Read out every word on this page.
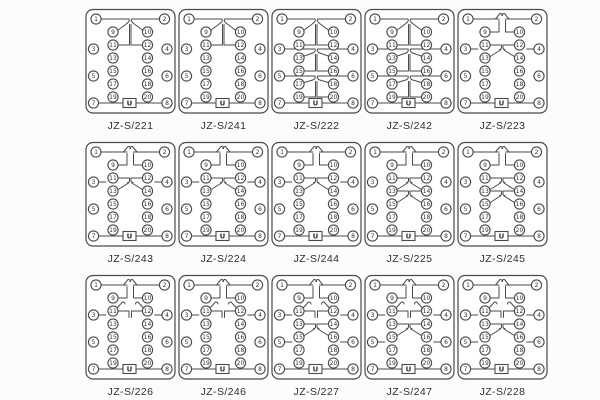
U
1
3
5
7
2
4
6
8
9
11
13
15
17
19
10
12
14
16
18
20
JZ-S/221
U
1
3
5
7
2
4
6
8
9
11
13
15
17
19
10
12
14
16
18
20
JZ-S/241
U
1
3
5
7
2
4
6
8
9
11
13
15
17
19
10
12
14
16
18
20
JZ-S/222
U
1
3
5
7
2
4
6
8
9
11
13
15
17
19
10
12
14
16
18
20
JZ-S/242
U
1
3
5
7
2
4
6
8
9
11
13
15
17
19
10
12
14
16
18
20
JZ-S/223
U
1
3
5
7
2
4
6
8
9
11
13
15
17
19
10
12
14
16
18
20
JZ-S/243
U
1
3
5
7
2
4
6
8
9
11
13
15
17
19
10
12
14
16
18
20
JZ-S/224
U
1
3
5
7
2
4
6
8
9
11
13
15
17
19
10
12
14
16
18
20
JZ-S/244
U
1
3
5
7
2
4
6
8
9
11
13
15
17
19
10
12
14
16
18
20
JZ-S/225
U
1
3
5
7
2
4
6
8
9
11
13
15
17
19
10
12
14
16
18
20
JZ-S/245
U
1
3
5
7
2
4
6
8
9
11
13
15
17
19
10
12
14
16
18
20
JZ-S/226
U
1
3
5
7
2
4
6
8
9
11
13
15
17
19
10
12
14
16
18
20
JZ-S/246
U
1
3
5
7
2
4
6
8
9
11
13
15
17
19
10
12
14
16
18
20
JZ-S/227
U
1
3
5
7
2
4
6
8
9
11
13
15
17
19
10
12
14
16
18
20
JZ-S/247
U
1
3
5
7
2
4
6
8
9
11
13
15
17
19
10
12
14
16
18
20
JZ-S/228
